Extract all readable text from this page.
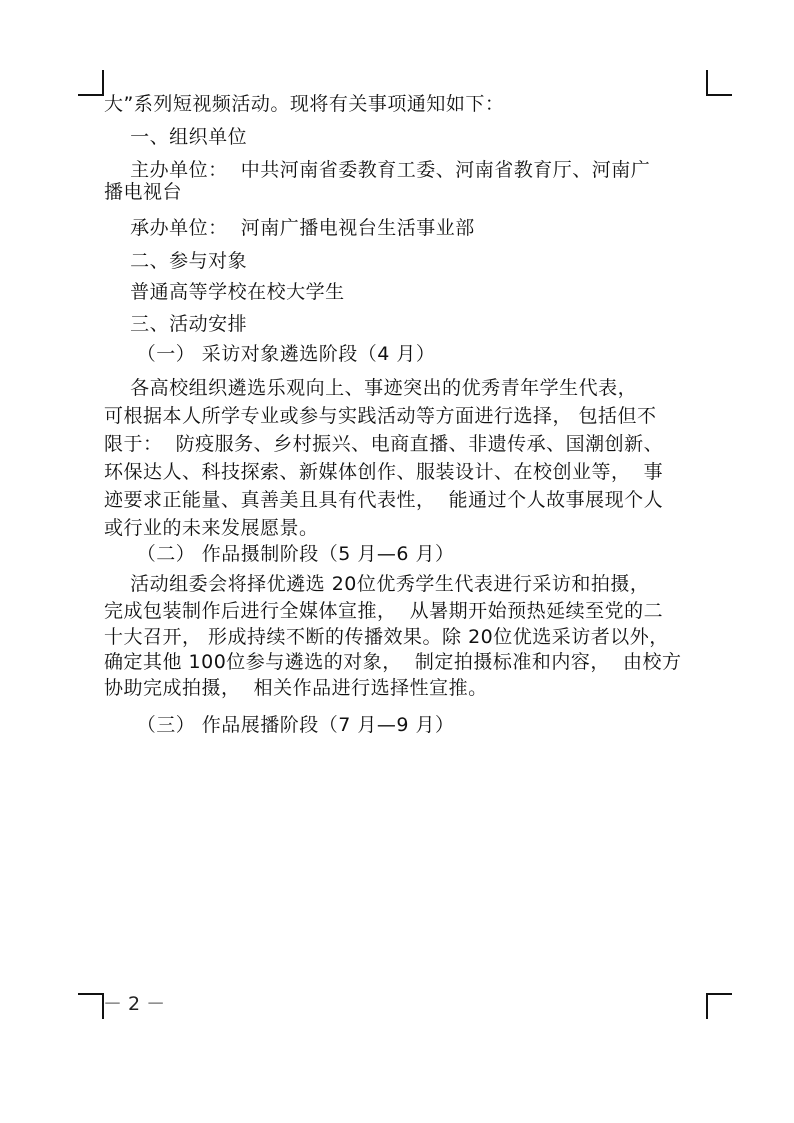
大”系列短视频活动。现将有关事项通知如下：
一、组织单位
主办单位：  中共河南省委教育工委、河南省教育厅、河南广
播电视台
承办单位：  河南广播电视台生活事业部
二、参与对象
普通高等学校在校大学生
三、活动安排
（一） 采访对象遴选阶段（4 月）
各高校组织遴选乐观向上、事迹突出的优秀青年学生代表，
可根据本人所学专业或参与实践活动等方面进行选择， 包括但不
限于：  防疫服务、乡村振兴、电商直播、非遗传承、国潮创新、
环保达人、科技探索、新媒体创作、服装设计、在校创业等，  事
迹要求正能量、真善美且具有代表性，  能通过个人故事展现个人
或行业的未来发展愿景。
（二） 作品摄制阶段（5 月—6 月）
活动组委会将择优遴选 20位优秀学生代表进行采访和拍摄，
完成包装制作后进行全媒体宣推，  从暑期开始预热延续至党的二
十大召开， 形成持续不断的传播效果。除 20位优选采访者以外，
确定其他 100位参与遴选的对象，  制定拍摄标准和内容，  由校方
协助完成拍摄，  相关作品进行选择性宣推。
（三） 作品展播阶段（7 月—9 月）
－ 2 －
